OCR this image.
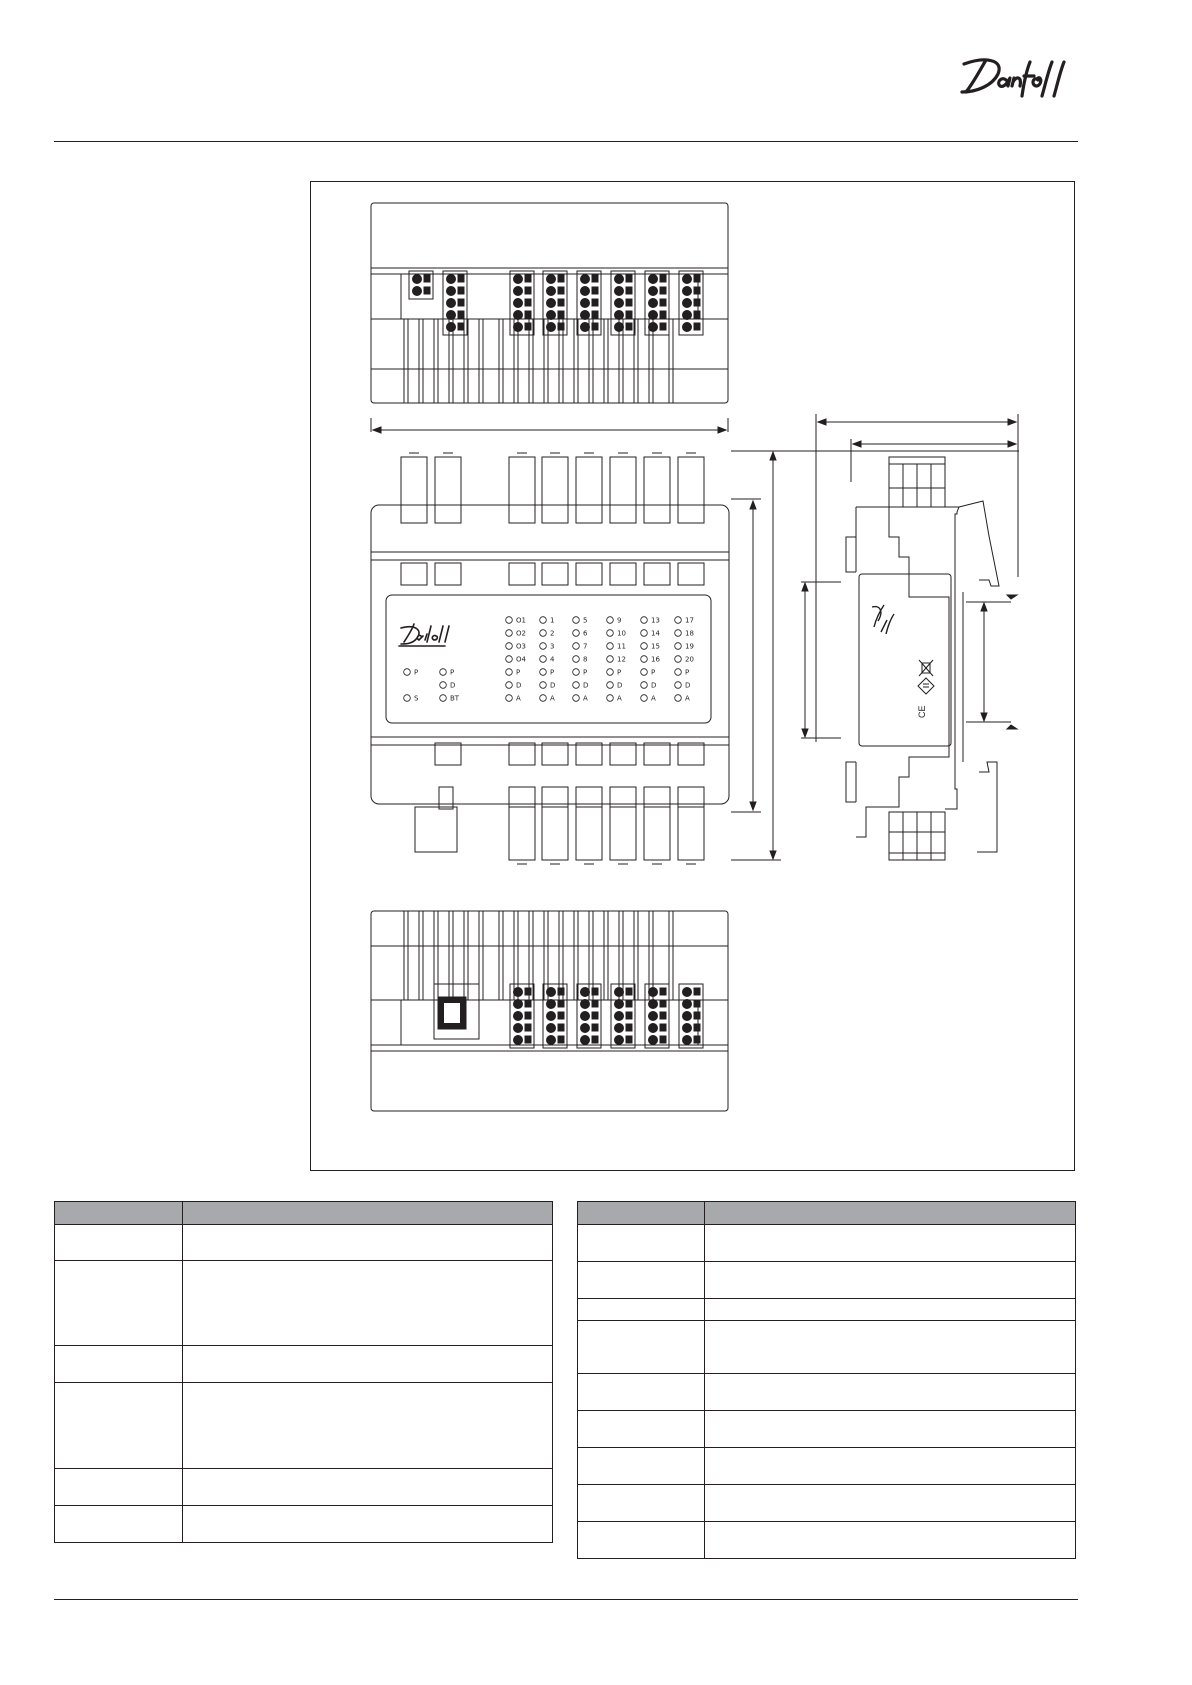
CE
O1	1	5	9	13	17
O2	2	6	10	14	18
O3	3	7	11	15	19
O4	4	8	12	16	20
P	P	P	P	P	P
D	D	D	D	D	D
A	A	A	A	A	A
P	P
D
S	BT
